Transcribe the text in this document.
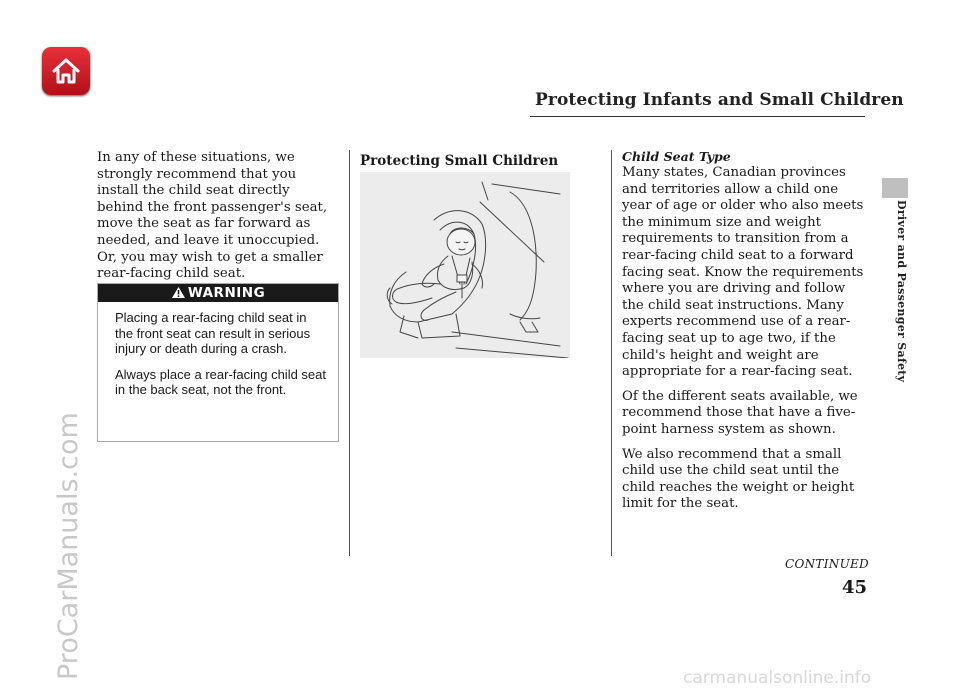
Protecting Infants and Small Children
Driver and Passenger Safety
ProCarManuals.com

In any of these situations, we strongly recommend that you install the child seat directly behind the front passenger's seat, move the seat as far forward as needed, and leave it unoccupied. Or, you may wish to get a smaller rear-facing child seat.

WARNING

Placing a rear-facing child seat in the front seat can result in serious injury or death during a crash.

Always place a rear-facing child seat in the back seat, not the front.

Protecting Small Children	Child Seat Type

Many states, Canadian provinces and territories allow a child one year of age or older who also meets the minimum size and weight requirements to transition from a rear-facing child seat to a forward facing seat. Know the requirements where you are driving and follow the child seat instructions. Many experts recommend use of a rear-facing seat up to age two, if the child's height and weight are appropriate for a rear-facing seat.

Of the different seats available, we recommend those that have a five-point harness system as shown.

We also recommend that a small child use the child seat until the child reaches the weight or height limit for the seat.

CONTINUED
45
carmanualsonline.info
